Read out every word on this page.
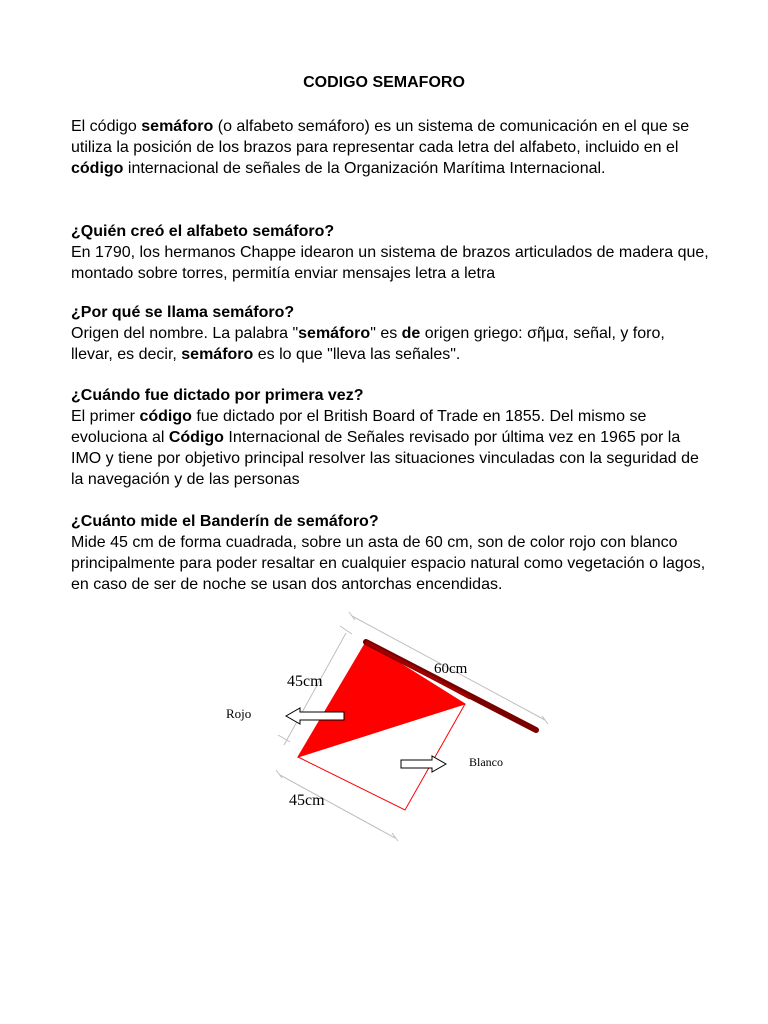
CODIGO SEMAFORO

El código semáforo (o alfabeto semáforo) es un sistema de comunicación en el que se utiliza la posición de los brazos para representar cada letra del alfabeto, incluido en el código internacional de señales de la Organización Marítima Internacional.

¿Quién creó el alfabeto semáforo?
En 1790, los hermanos Chappe idearon un sistema de brazos articulados de madera que, montado sobre torres, permitía enviar mensajes letra a letra

¿Por qué se llama semáforo?
Origen del nombre. La palabra "semáforo" es de origen griego: σῆμα, señal, y foro, llevar, es decir, semáforo es lo que "lleva las señales".

¿Cuándo fue dictado por primera vez?
El primer código fue dictado por el British Board of Trade en 1855. Del mismo se evoluciona al Código Internacional de Señales revisado por última vez en 1965 por la IMO y tiene por objetivo principal resolver las situaciones vinculadas con la seguridad de la navegación y de las personas

¿Cuánto mide el Banderín de semáforo?
Mide 45 cm de forma cuadrada, sobre un asta de 60 cm, son de color rojo con blanco principalmente para poder resaltar en cualquier espacio natural como vegetación o lagos, en caso de ser de noche se usan dos antorchas encendidas.

45cm
60cm
Rojo
Blanco
45cm
